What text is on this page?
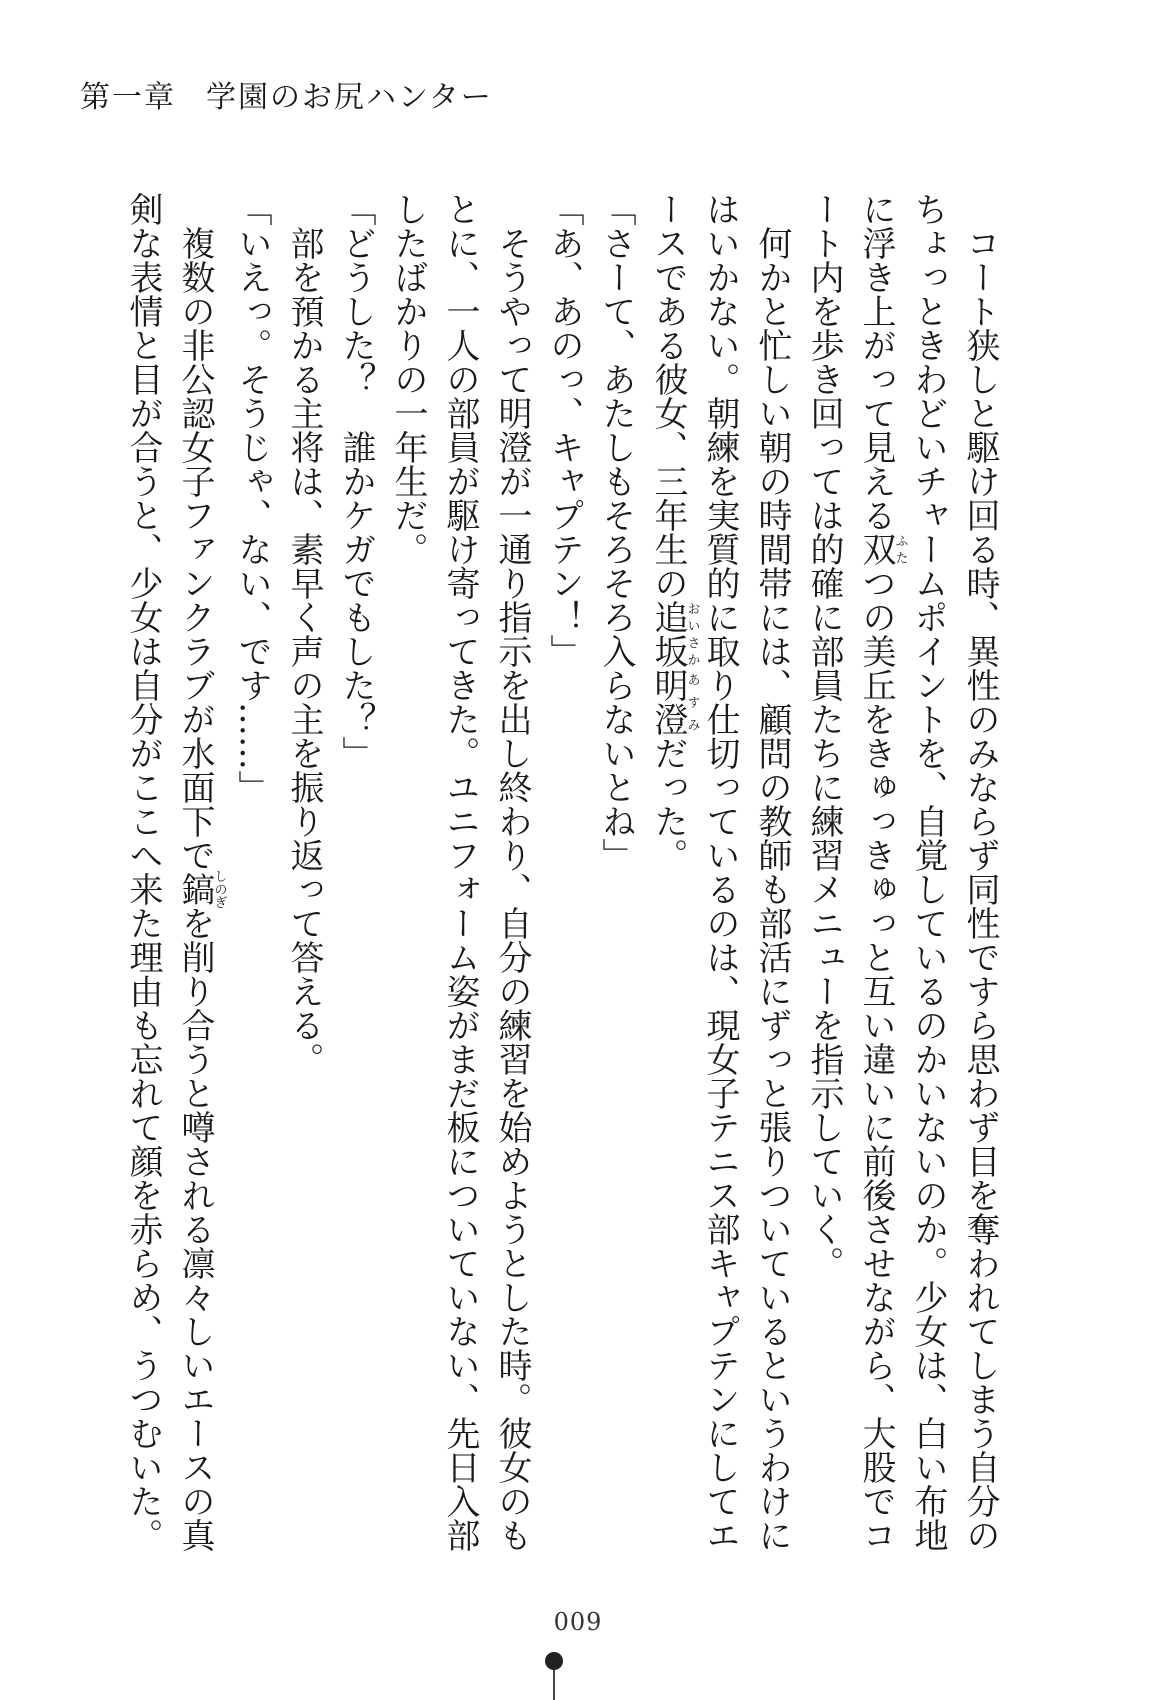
第一章 学園のお尻ハンター

コート狭しと駆け回る時、異性のみならず同性ですら思わず目を奪われてしまう自分のちょっときわどいチャームポイントを、自覚しているのかいないのか。少女は、白い布地に浮き上がって見える双ふたつの美丘をきゅっきゅっと互い違いに前後させながら、大股でコート内を歩き回っては的確に部員たちに練習メニューを指示していく。

何かと忙しい朝の時間帯には、顧問の教師も部活にずっと張りついているというわけにはいかない。朝練を実質的に取り仕切っているのは、現女子テニス部キャプテンにしてエースである彼女、三年生の追坂おいさか明澄あすみだった。

「さーて、あたしもそろそろ入らないとね」

「あ、あのっ、キャプテン！」

そうやって明澄が一通り指示を出し終わり、自分の練習を始めようとした時。彼女のもとに、一人の部員が駆け寄ってきた。ユニフォーム姿がまだ板についていない、先日入部したばかりの一年生だ。

「どうした？　誰かケガでもした？」

部を預かる主将は、素早く声の主を振り返って答える。

「いえっ。そうじゃ、ない、です……」

複数の非公認女子ファンクラブが水面下で鎬しのぎを削り合うと噂される凛々しいエースの真剣な表情と目が合うと、少女は自分がここへ来た理由も忘れて顔を赤らめ、うつむいた。

009
